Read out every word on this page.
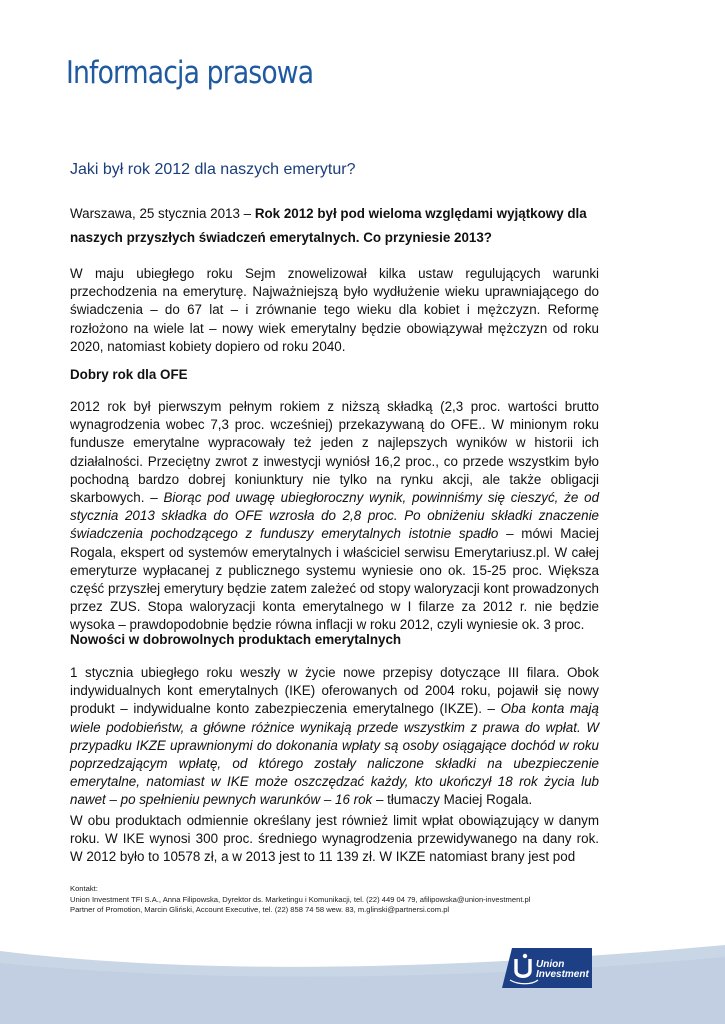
Informacja prasowa
Jaki był rok 2012 dla naszych emerytur?
Warszawa, 25 stycznia 2013 – Rok 2012 był pod wieloma względami wyjątkowy dla naszych przyszłych świadczeń emerytalnych. Co przyniesie 2013?

W maju ubiegłego roku Sejm znowelizował kilka ustaw regulujących warunki przechodzenia na emeryturę. Najważniejszą było wydłużenie wieku uprawniającego do świadczenia – do 67 lat – i zrównanie tego wieku dla kobiet i mężczyzn. Reformę rozłożono na wiele lat – nowy wiek emerytalny będzie obowiązywał mężczyzn od roku 2020, natomiast kobiety dopiero od roku 2040.

Dobry rok dla OFE

2012 rok był pierwszym pełnym rokiem z niższą składką (2,3 proc. wartości brutto wynagrodzenia wobec 7,3 proc. wcześniej) przekazywaną do OFE.. W minionym roku fundusze emerytalne wypracowały też jeden z najlepszych wyników w historii ich działalności. Przeciętny zwrot z inwestycji wyniósł 16,2 proc., co przede wszystkim było pochodną bardzo dobrej koniunktury nie tylko na rynku akcji, ale także obligacji skarbowych. – Biorąc pod uwagę ubiegłoroczny wynik, powinniśmy się cieszyć, że od stycznia 2013 składka do OFE wzrosła do 2,8 proc. Po obniżeniu składki znaczenie świadczenia pochodzącego z funduszy emerytalnych istotnie spadło – mówi Maciej Rogala, ekspert od systemów emerytalnych i właściciel serwisu Emerytariusz.pl. W całej emeryturze wypłacanej z publicznego systemu wyniesie ono ok. 15-25 proc. Większa część przyszłej emerytury będzie zatem zależeć od stopy waloryzacji kont prowadzonych przez ZUS. Stopa waloryzacji konta emerytalnego w I filarze za 2012 r. nie będzie wysoka – prawdopodobnie będzie równa inflacji w roku 2012, czyli wyniesie ok. 3 proc.

Nowości w dobrowolnych produktach emerytalnych

1 stycznia ubiegłego roku weszły w życie nowe przepisy dotyczące III filara. Obok indywidualnych kont emerytalnych (IKE) oferowanych od 2004 roku, pojawił się nowy produkt – indywidualne konto zabezpieczenia emerytalnego (IKZE). – Oba konta mają wiele podobieństw, a główne różnice wynikają przede wszystkim z prawa do wpłat. W przypadku IKZE uprawnionymi do dokonania wpłaty są osoby osiągające dochód w roku poprzedzającym wpłatę, od którego zostały naliczone składki na ubezpieczenie emerytalne, natomiast w IKE może oszczędzać każdy, kto ukończył 18 rok życia lub nawet – po spełnieniu pewnych warunków – 16 rok – tłumaczy Maciej Rogala.

W obu produktach odmiennie określany jest również limit wpłat obowiązujący w danym roku. W IKE wynosi 300 proc. średniego wynagrodzenia przewidywanego na dany rok. W 2012 było to 10578 zł, a w 2013 jest to 11 139 zł. W IKZE natomiast brany jest pod

Kontakt:
Union Investment TFI S.A., Anna Filipowska, Dyrektor ds. Marketingu i Komunikacji, tel. (22) 449 04 79, afilipowska@union-investment.pl
Partner of Promotion, Marcin Gliński, Account Executive, tel. (22) 858 74 58 wew. 83, m.glinski@partnersi.com.pl
Union
Investment
